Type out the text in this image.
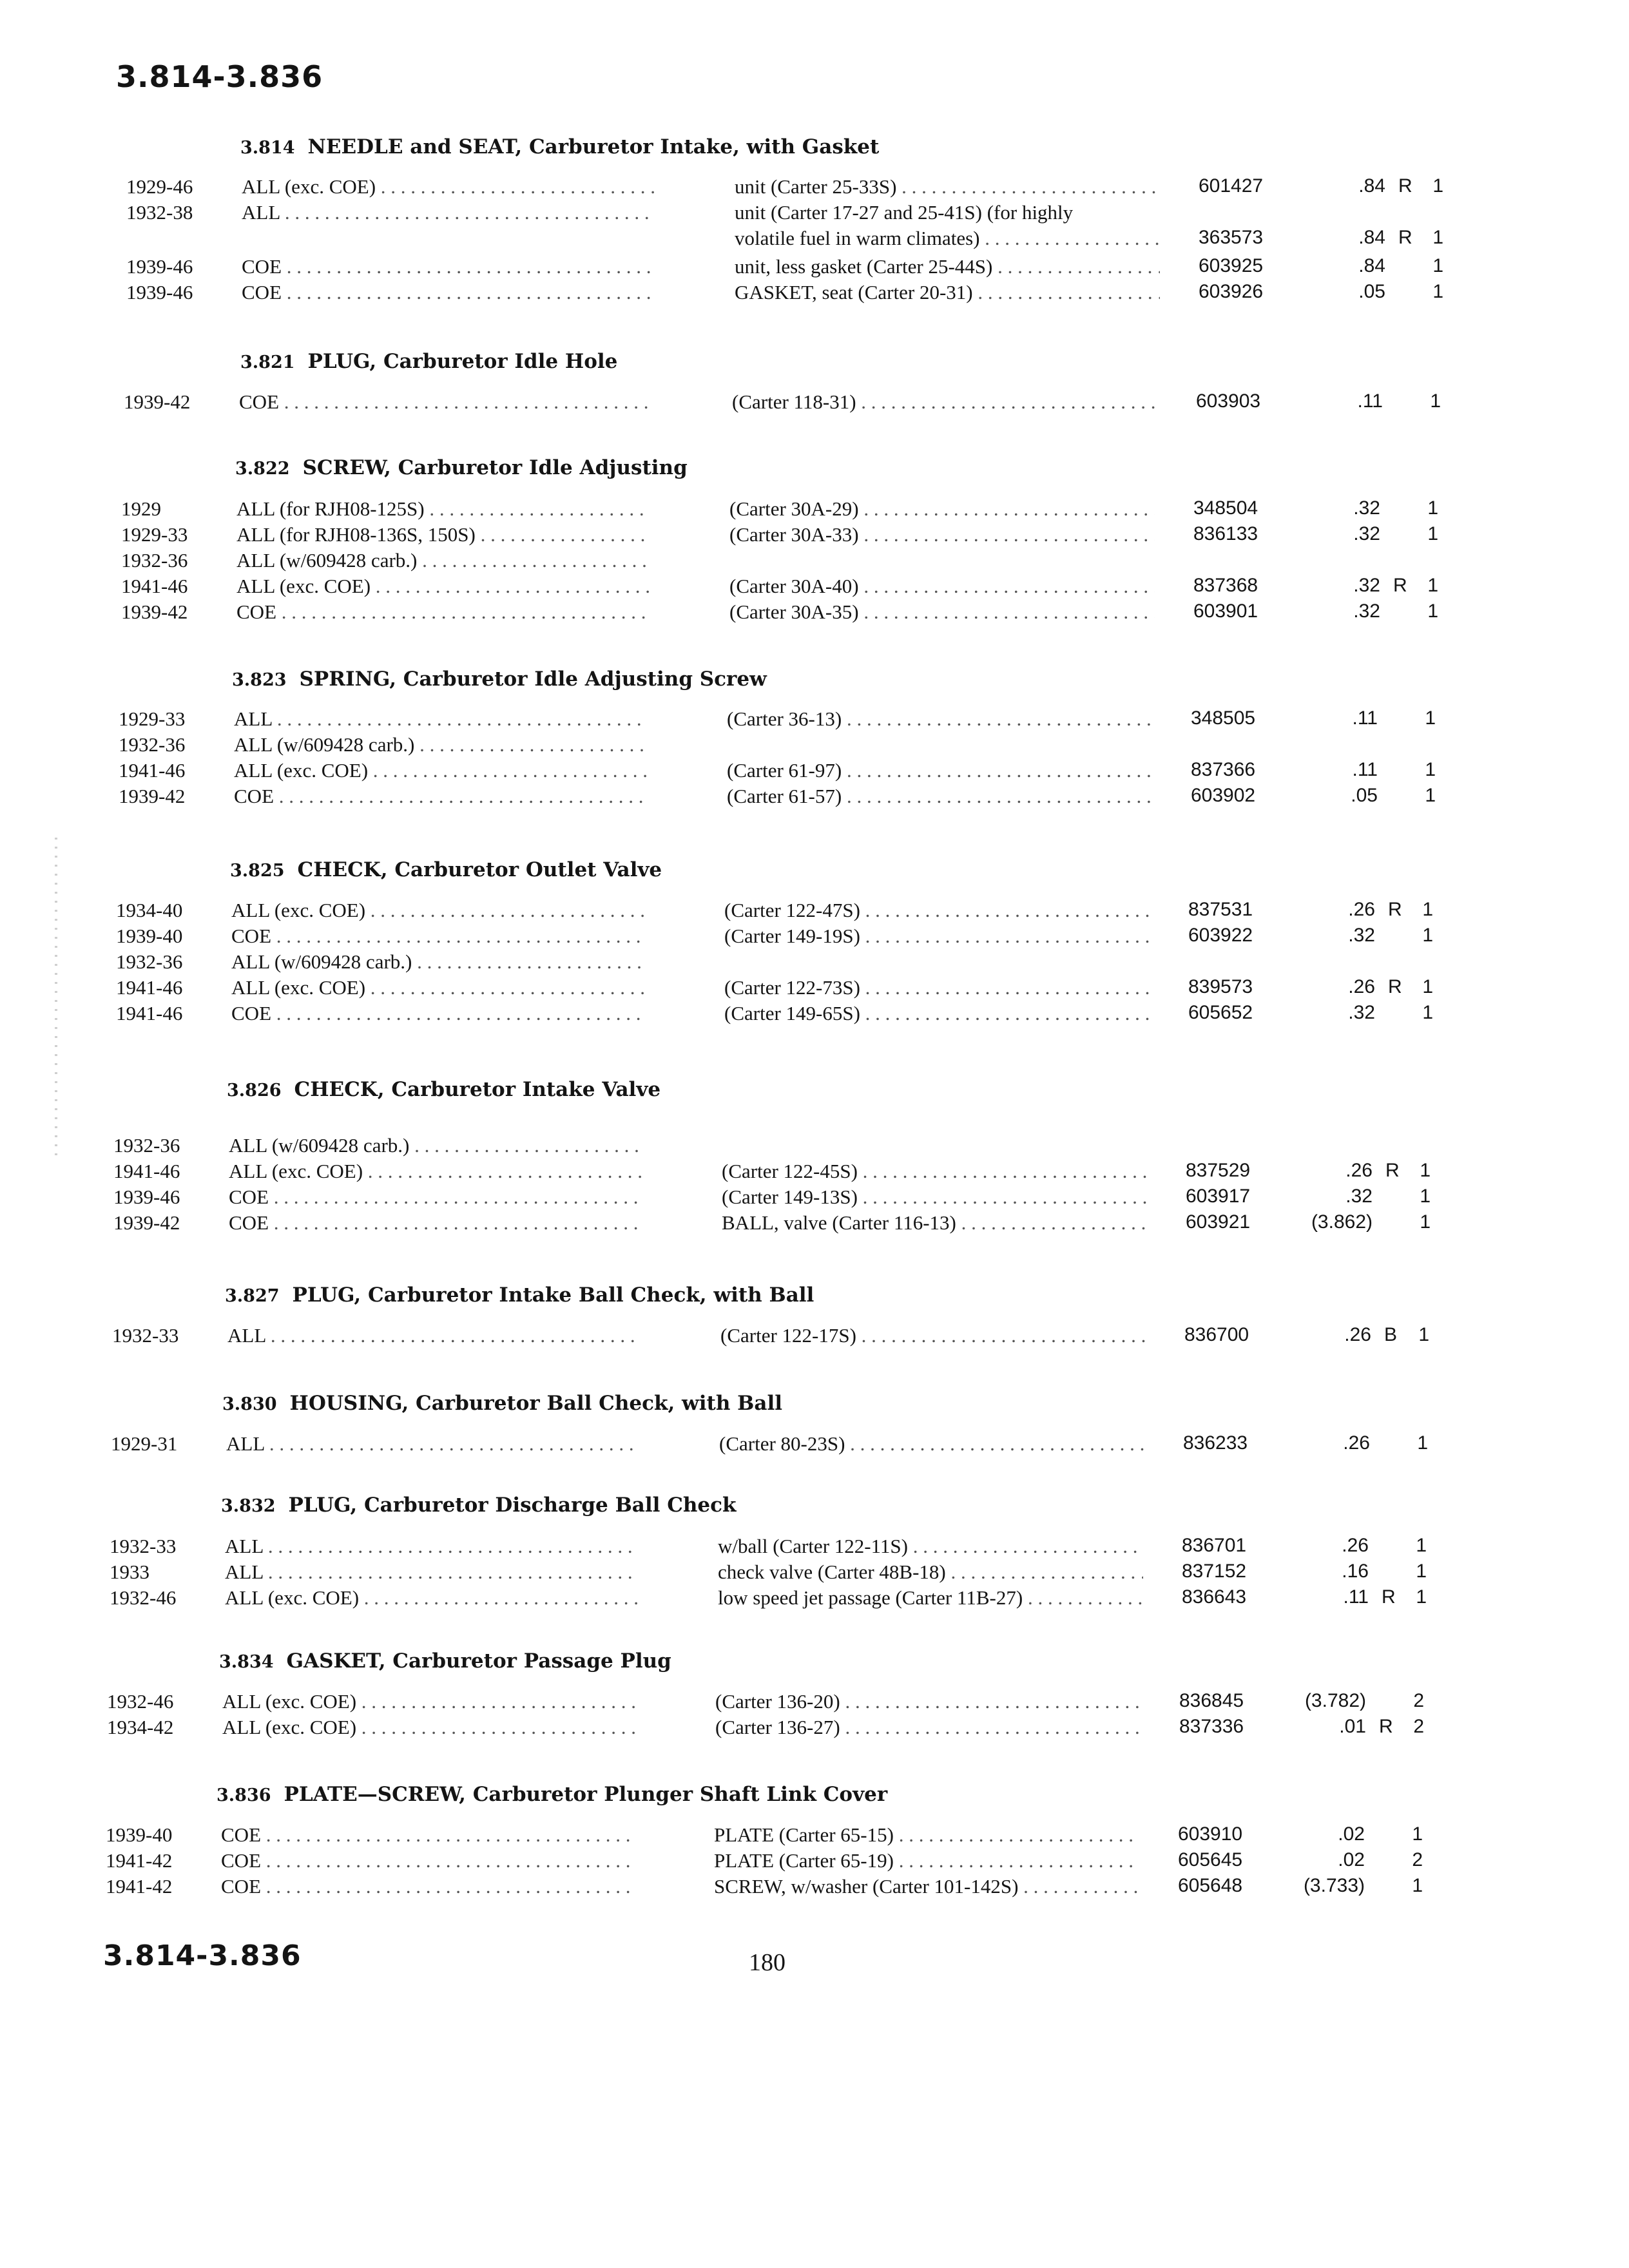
3.814-3.836
3.814 NEEDLE and SEAT, Carburetor Intake, with Gasket
1929-46	ALL (exc. COE) . . .	unit (Carter 25-33S) . . .	601427	.84 R	1
1932-38	ALL . . .	unit (Carter 17-27 and 25-41S) (for highly
volatile fuel in warm climates) . . .	363573	.84 R	1
1939-46	COE . . .	unit, less gasket (Carter 25-44S) . . .	603925	.84	1
1939-46	COE . . .	GASKET, seat (Carter 20-31) . . .	603926	.05	1
3.821 PLUG, Carburetor Idle Hole
1939-42	COE . . .	(Carter 118-31) . . .	603903	.11	1
3.822 SCREW, Carburetor Idle Adjusting
1929	ALL (for RJH08-125S) . . .	(Carter 30A-29) . . .	348504	.32	1
1929-33	ALL (for RJH08-136S, 150S) . . .	(Carter 30A-33) . . .	836133	.32	1
1932-36	ALL (w/609428 carb.) . . .
1941-46	ALL (exc. COE) . . .	(Carter 30A-40) . . .	837368	.32 R	1
1939-42	COE . . .	(Carter 30A-35) . . .	603901	.32	1
3.823 SPRING, Carburetor Idle Adjusting Screw
1929-33	ALL . . .	(Carter 36-13) . . .	348505	.11	1
1932-36	ALL (w/609428 carb.) . . .
1941-46	ALL (exc. COE) . . .	(Carter 61-97) . . .	837366	.11	1
1939-42	COE . . .	(Carter 61-57) . . .	603902	.05	1
3.825 CHECK, Carburetor Outlet Valve
1934-40	ALL (exc. COE) . . .	(Carter 122-47S) . . .	837531	.26 R	1
1939-40	COE . . .	(Carter 149-19S) . . .	603922	.32	1
1932-36	ALL (w/609428 carb.) . . .
1941-46	ALL (exc. COE) . . .	(Carter 122-73S) . . .	839573	.26 R	1
1941-46	COE . . .	(Carter 149-65S) . . .	605652	.32	1
3.826 CHECK, Carburetor Intake Valve
1932-36	ALL (w/609428 carb.) . . .
1941-46	ALL (exc. COE) . . .	(Carter 122-45S) . . .	837529	.26 R	1
1939-46	COE . . .	(Carter 149-13S) . . .	603917	.32	1
1939-42	COE . . .	BALL, valve (Carter 116-13) . . .	603921	(3.862)	1
3.827 PLUG, Carburetor Intake Ball Check, with Ball
1932-33	ALL . . .	(Carter 122-17S) . . .	836700	.26 B	1
3.830 HOUSING, Carburetor Ball Check, with Ball
1929-31	ALL . . .	(Carter 80-23S) . . .	836233	.26	1
3.832 PLUG, Carburetor Discharge Ball Check
1932-33	ALL . . .	w/ball (Carter 122-11S) . . .	836701	.26	1
1933	ALL . . .	check valve (Carter 48B-18) . . .	837152	.16	1
1932-46	ALL (exc. COE) . . .	low speed jet passage (Carter 11B-27) . . .	836643	.11 R	1
3.834 GASKET, Carburetor Passage Plug
1932-46	ALL (exc. COE) . . .	(Carter 136-20) . . .	836845	(3.782)	2
1934-42	ALL (exc. COE) . . .	(Carter 136-27) . . .	837336	.01 R	2
3.836 PLATE—SCREW, Carburetor Plunger Shaft Link Cover
1939-40	COE . . .	PLATE (Carter 65-15) . . .	603910	.02	1
1941-42	COE . . .	PLATE (Carter 65-19) . . .	605645	.02	2
1941-42	COE . . .	SCREW, w/washer (Carter 101-142S) . . .	605648	(3.733)	1
3.814-3.836	180
